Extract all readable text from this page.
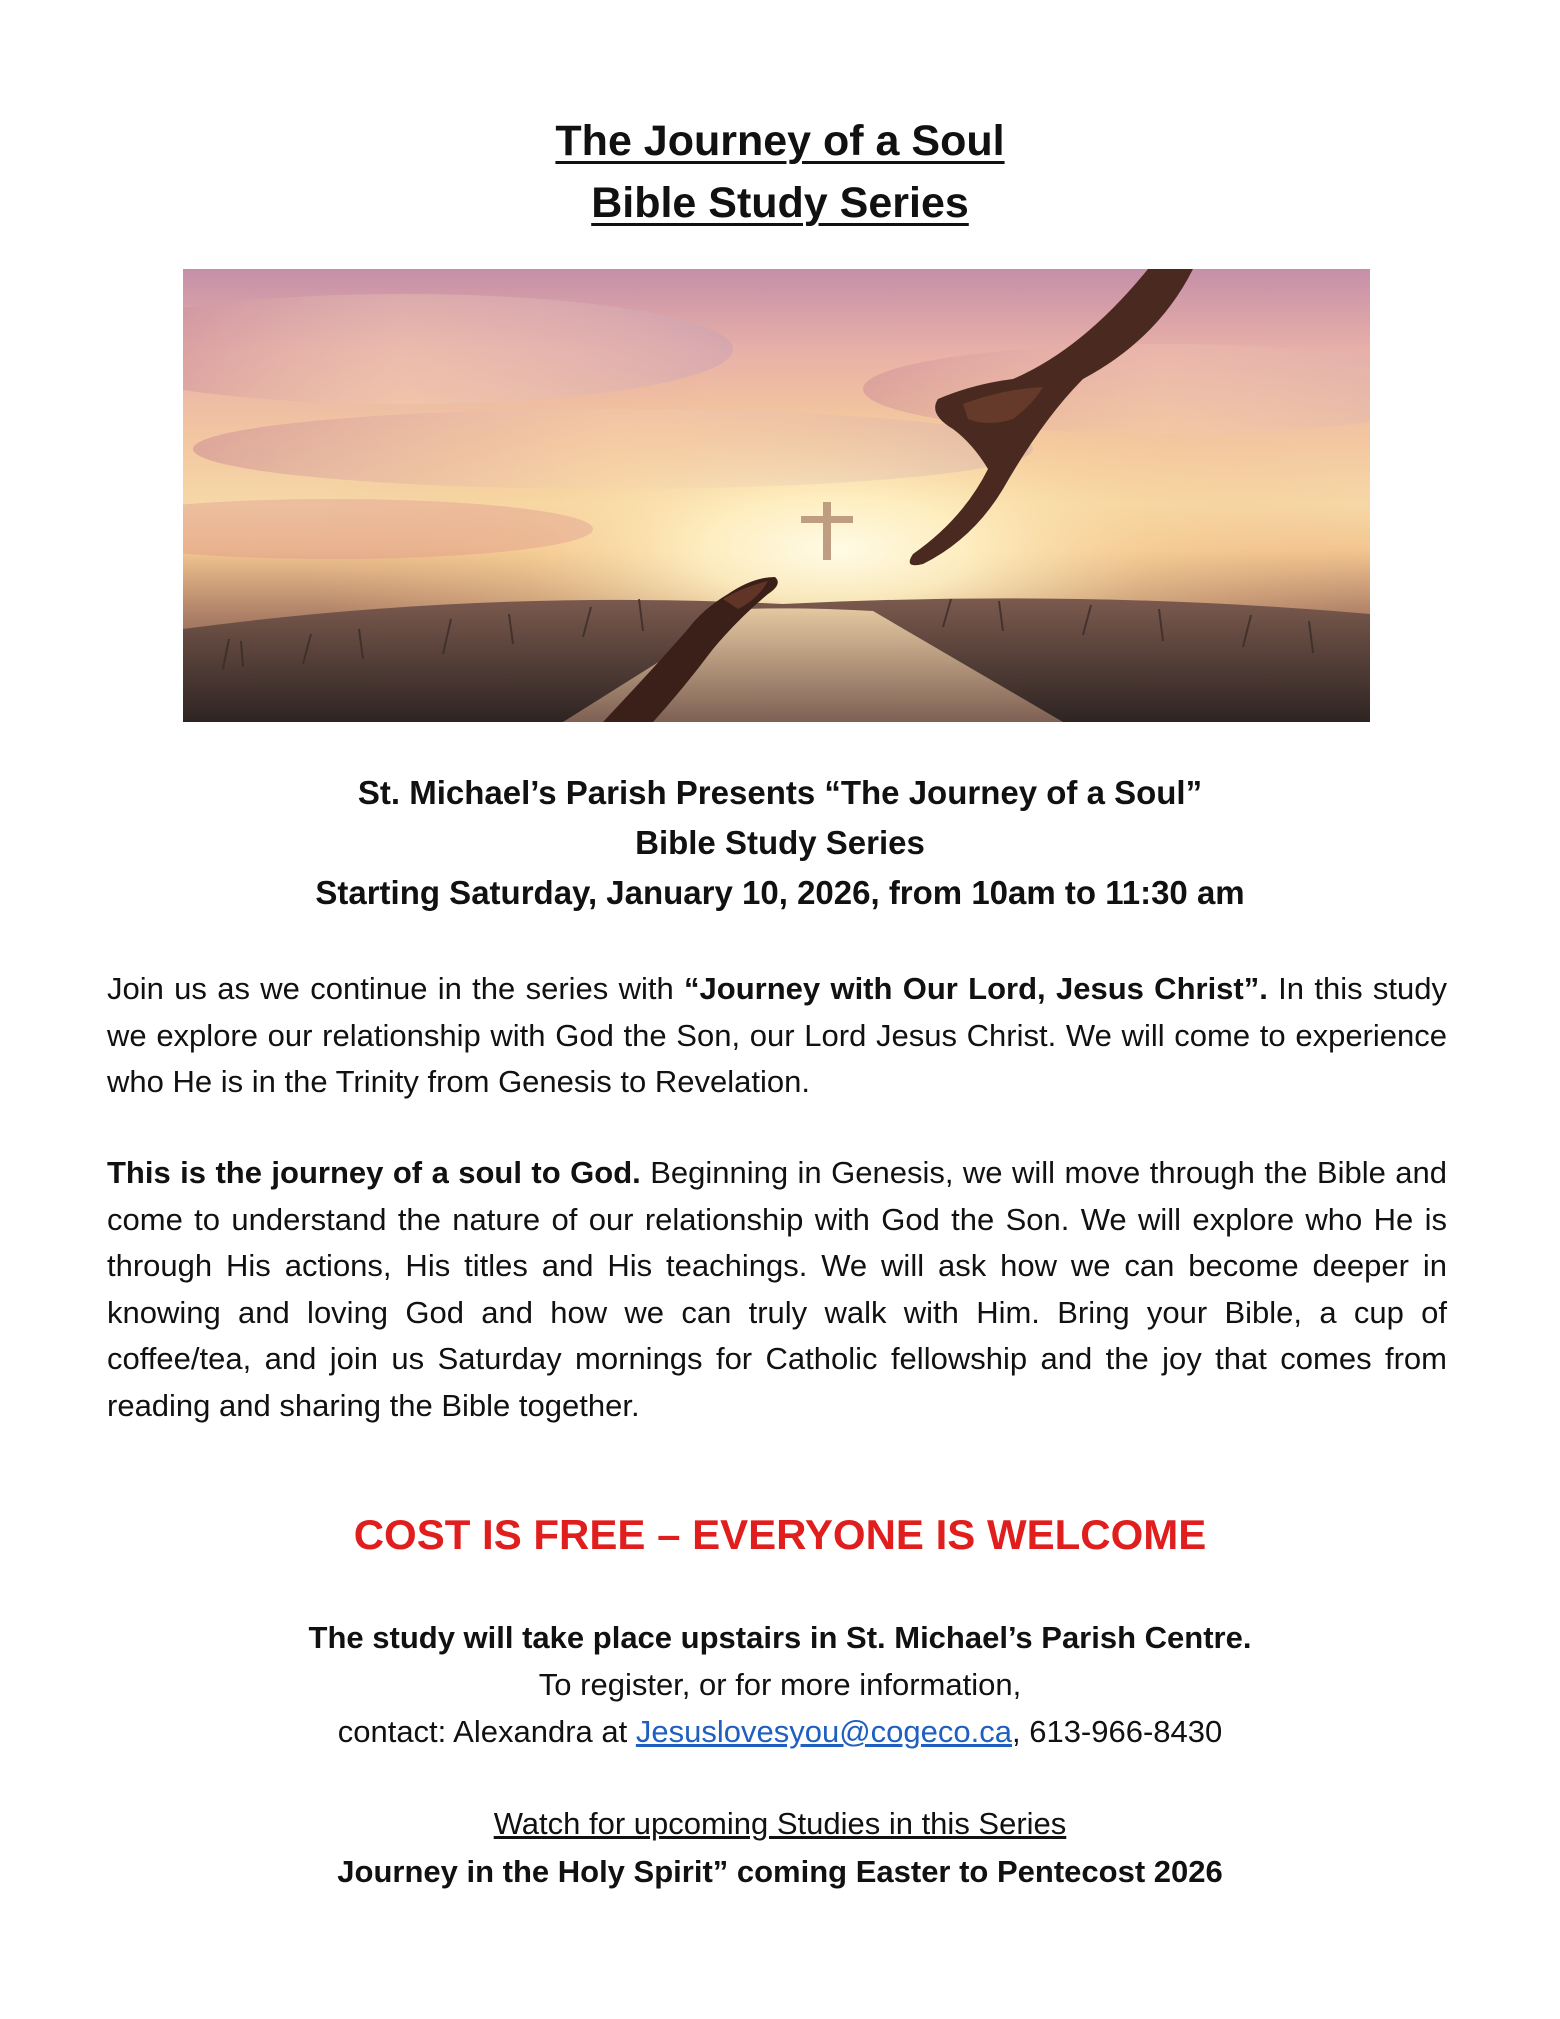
The Journey of a Soul
Bible Study Series
St. Michael’s Parish Presents “The Journey of a Soul”
Bible Study Series
Starting Saturday, January 10, 2026, from 10am to 11:30 am
Join us as we continue in the series with “Journey with Our Lord, Jesus Christ”. In this study we explore our relationship with God the Son, our Lord Jesus Christ. We will come to experience who He is in the Trinity from Genesis to Revelation.
This is the journey of a soul to God. Beginning in Genesis, we will move through the Bible and come to understand the nature of our relationship with God the Son. We will explore who He is through His actions, His titles and His teachings. We will ask how we can become deeper in knowing and loving God and how we can truly walk with Him. Bring your Bible, a cup of coffee/tea, and join us Saturday mornings for Catholic fellowship and the joy that comes from reading and sharing the Bible together.
COST IS FREE – EVERYONE IS WELCOME
The study will take place upstairs in St. Michael’s Parish Centre.
To register, or for more information,
contact: Alexandra at Jesuslovesyou@cogeco.ca, 613-966-8430
Watch for upcoming Studies in this Series
Journey in the Holy Spirit” coming Easter to Pentecost 2026
